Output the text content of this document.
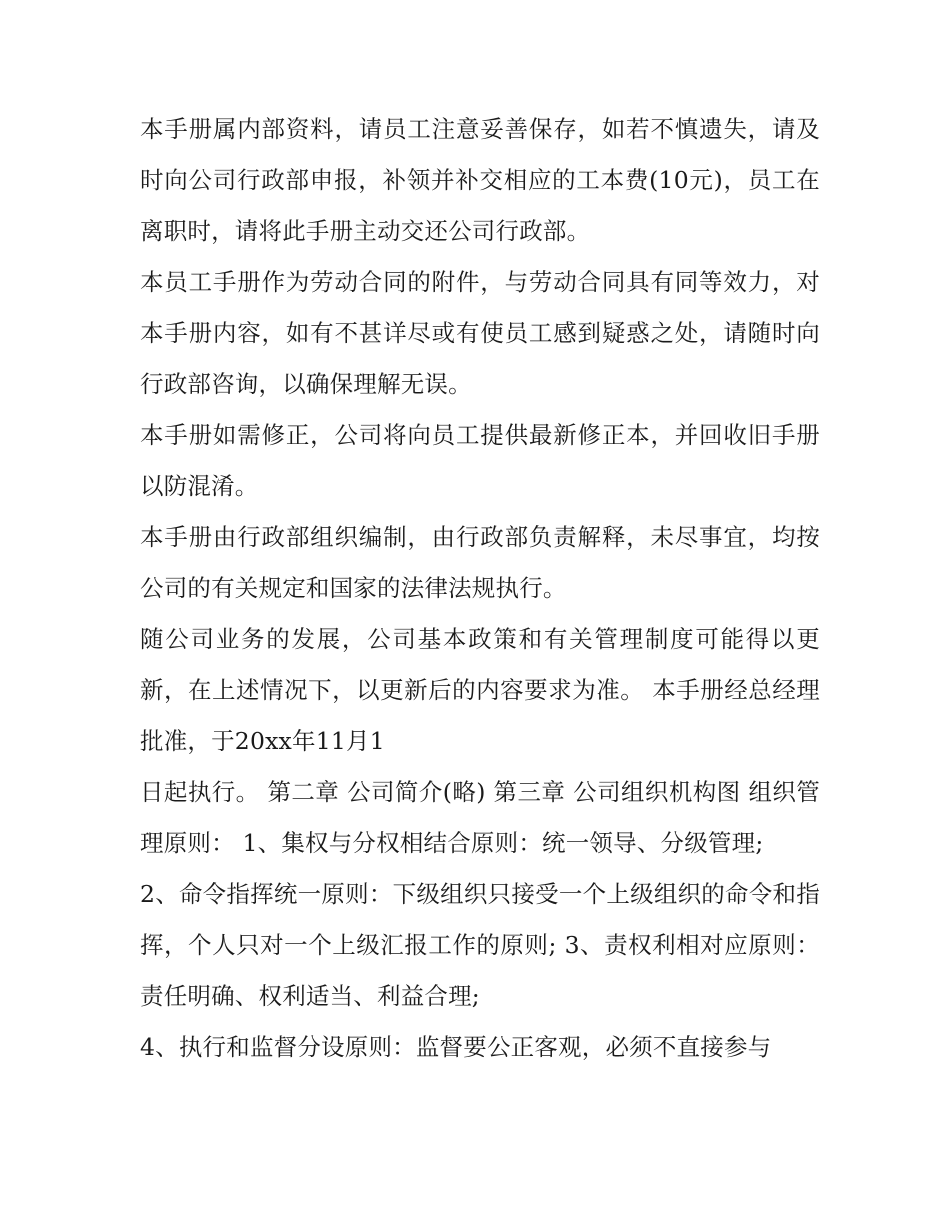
本手册属内部资料，请员工注意妥善保存，如若不慎遗失，请及时向公司行政部申报，补领并补交相应的工本费(10元)，员工在离职时，请将此手册主动交还公司行政部。

本员工手册作为劳动合同的附件，与劳动合同具有同等效力，对本手册内容，如有不甚详尽或有使员工感到疑惑之处，请随时向行政部咨询，以确保理解无误。

本手册如需修正，公司将向员工提供最新修正本，并回收旧手册以防混淆。

本手册由行政部组织编制，由行政部负责解释，未尽事宜，均按公司的有关规定和国家的法律法规执行。

随公司业务的发展，公司基本政策和有关管理制度可能得以更新，在上述情况下，以更新后的内容要求为准。 本手册经总经理批准，于20xx年11月1

日起执行。 第二章 公司简介(略) 第三章 公司组织机构图 组织管理原则： 1、集权与分权相结合原则：统一领导、分级管理;

2、命令指挥统一原则：下级组织只接受一个上级组织的命令和指挥，个人只对一个上级汇报工作的原则; 3、责权利相对应原则：责任明确、权利适当、利益合理;

4、执行和监督分设原则：监督要公正客观，必须不直接参与
